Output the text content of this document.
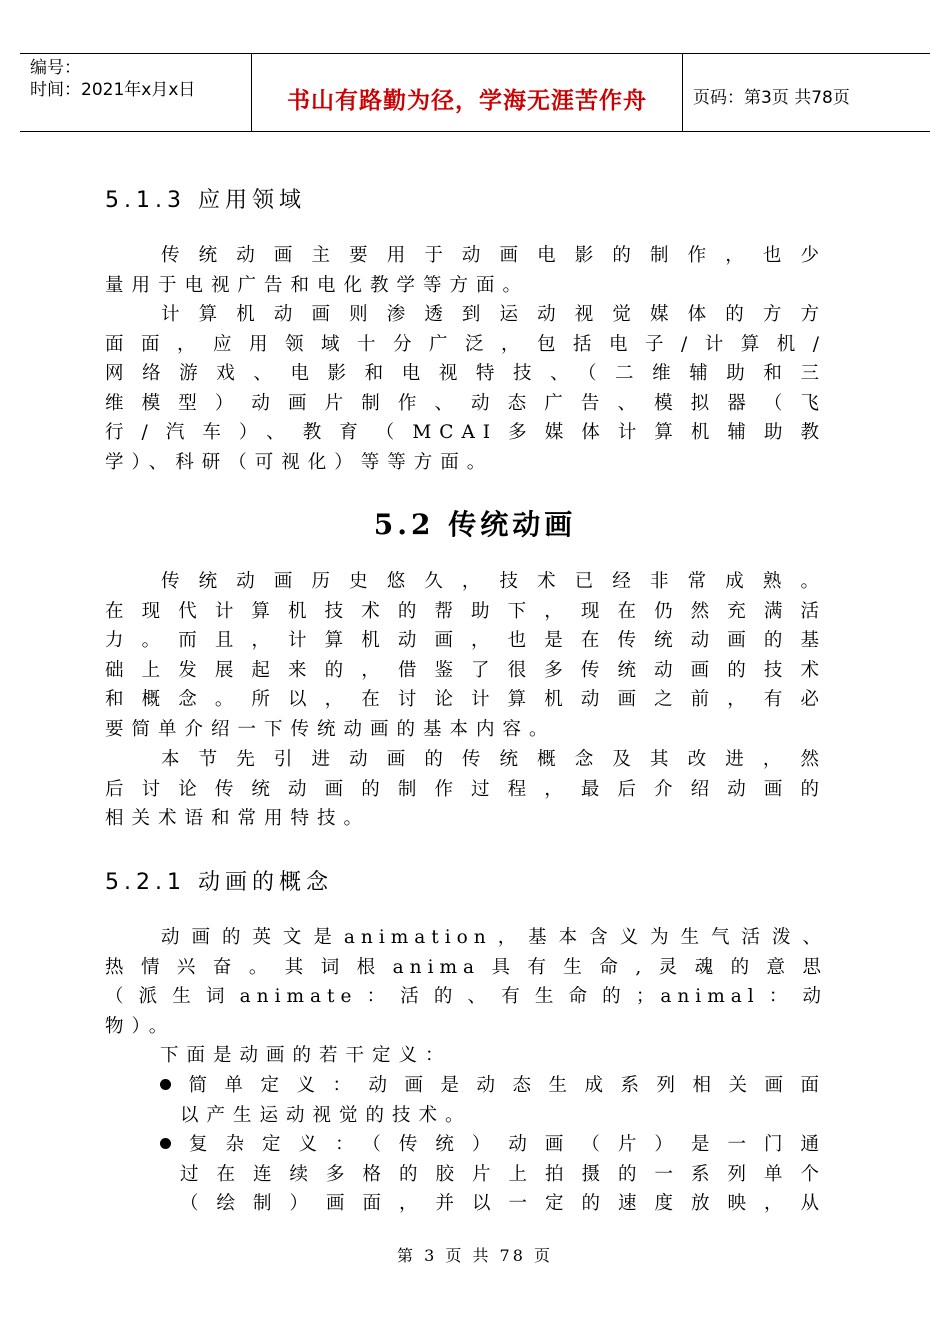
编号：
时间：2021年x月x日	书山有路勤为径，学海无涯苦作舟	页码：第3页 共78页
5.1.3 应用领域
传统动画主要用于动画电影的制作，也少
量用于电视广告和电化教学等方面。
计算机动画则渗透到运动视觉媒体的方方
面面，应用领域十分广泛，包括电子/计算机/
网络游戏、电影和电视特技、（二维辅助和三
维模型）动画片制作、动态广告、模拟器（飞
行/汽车）、教育（MCAI多媒体计算机辅助教
学）、科研（可视化）等等方面。
5.2 传统动画
传统动画历史悠久，技术已经非常成熟。
在现代计算机技术的帮助下，现在仍然充满活
力。而且，计算机动画，也是在传统动画的基
础上发展起来的，借鉴了很多传统动画的技术
和概念。所以，在讨论计算机动画之前，有必
要简单介绍一下传统动画的基本内容。
本节先引进动画的传统概念及其改进，然
后讨论传统动画的制作过程，最后介绍动画的
相关术语和常用特技。
5.2.1 动画的概念
动画的英文是animation，基本含义为生气活泼、
热情兴奋。其词根anima具有生命,灵魂的意思
（派生词animate：活的、有生命的；animal：动
物）。
下面是动画的若干定义：
简单定义：动画是动态生成系列相关画面
以产生运动视觉的技术。
复杂定义：（传统）动画（片）是一门通
过在连续多格的胶片上拍摄的一系列单个
（绘制）画面，并以一定的速度放映，从
第 3 页 共 78 页
